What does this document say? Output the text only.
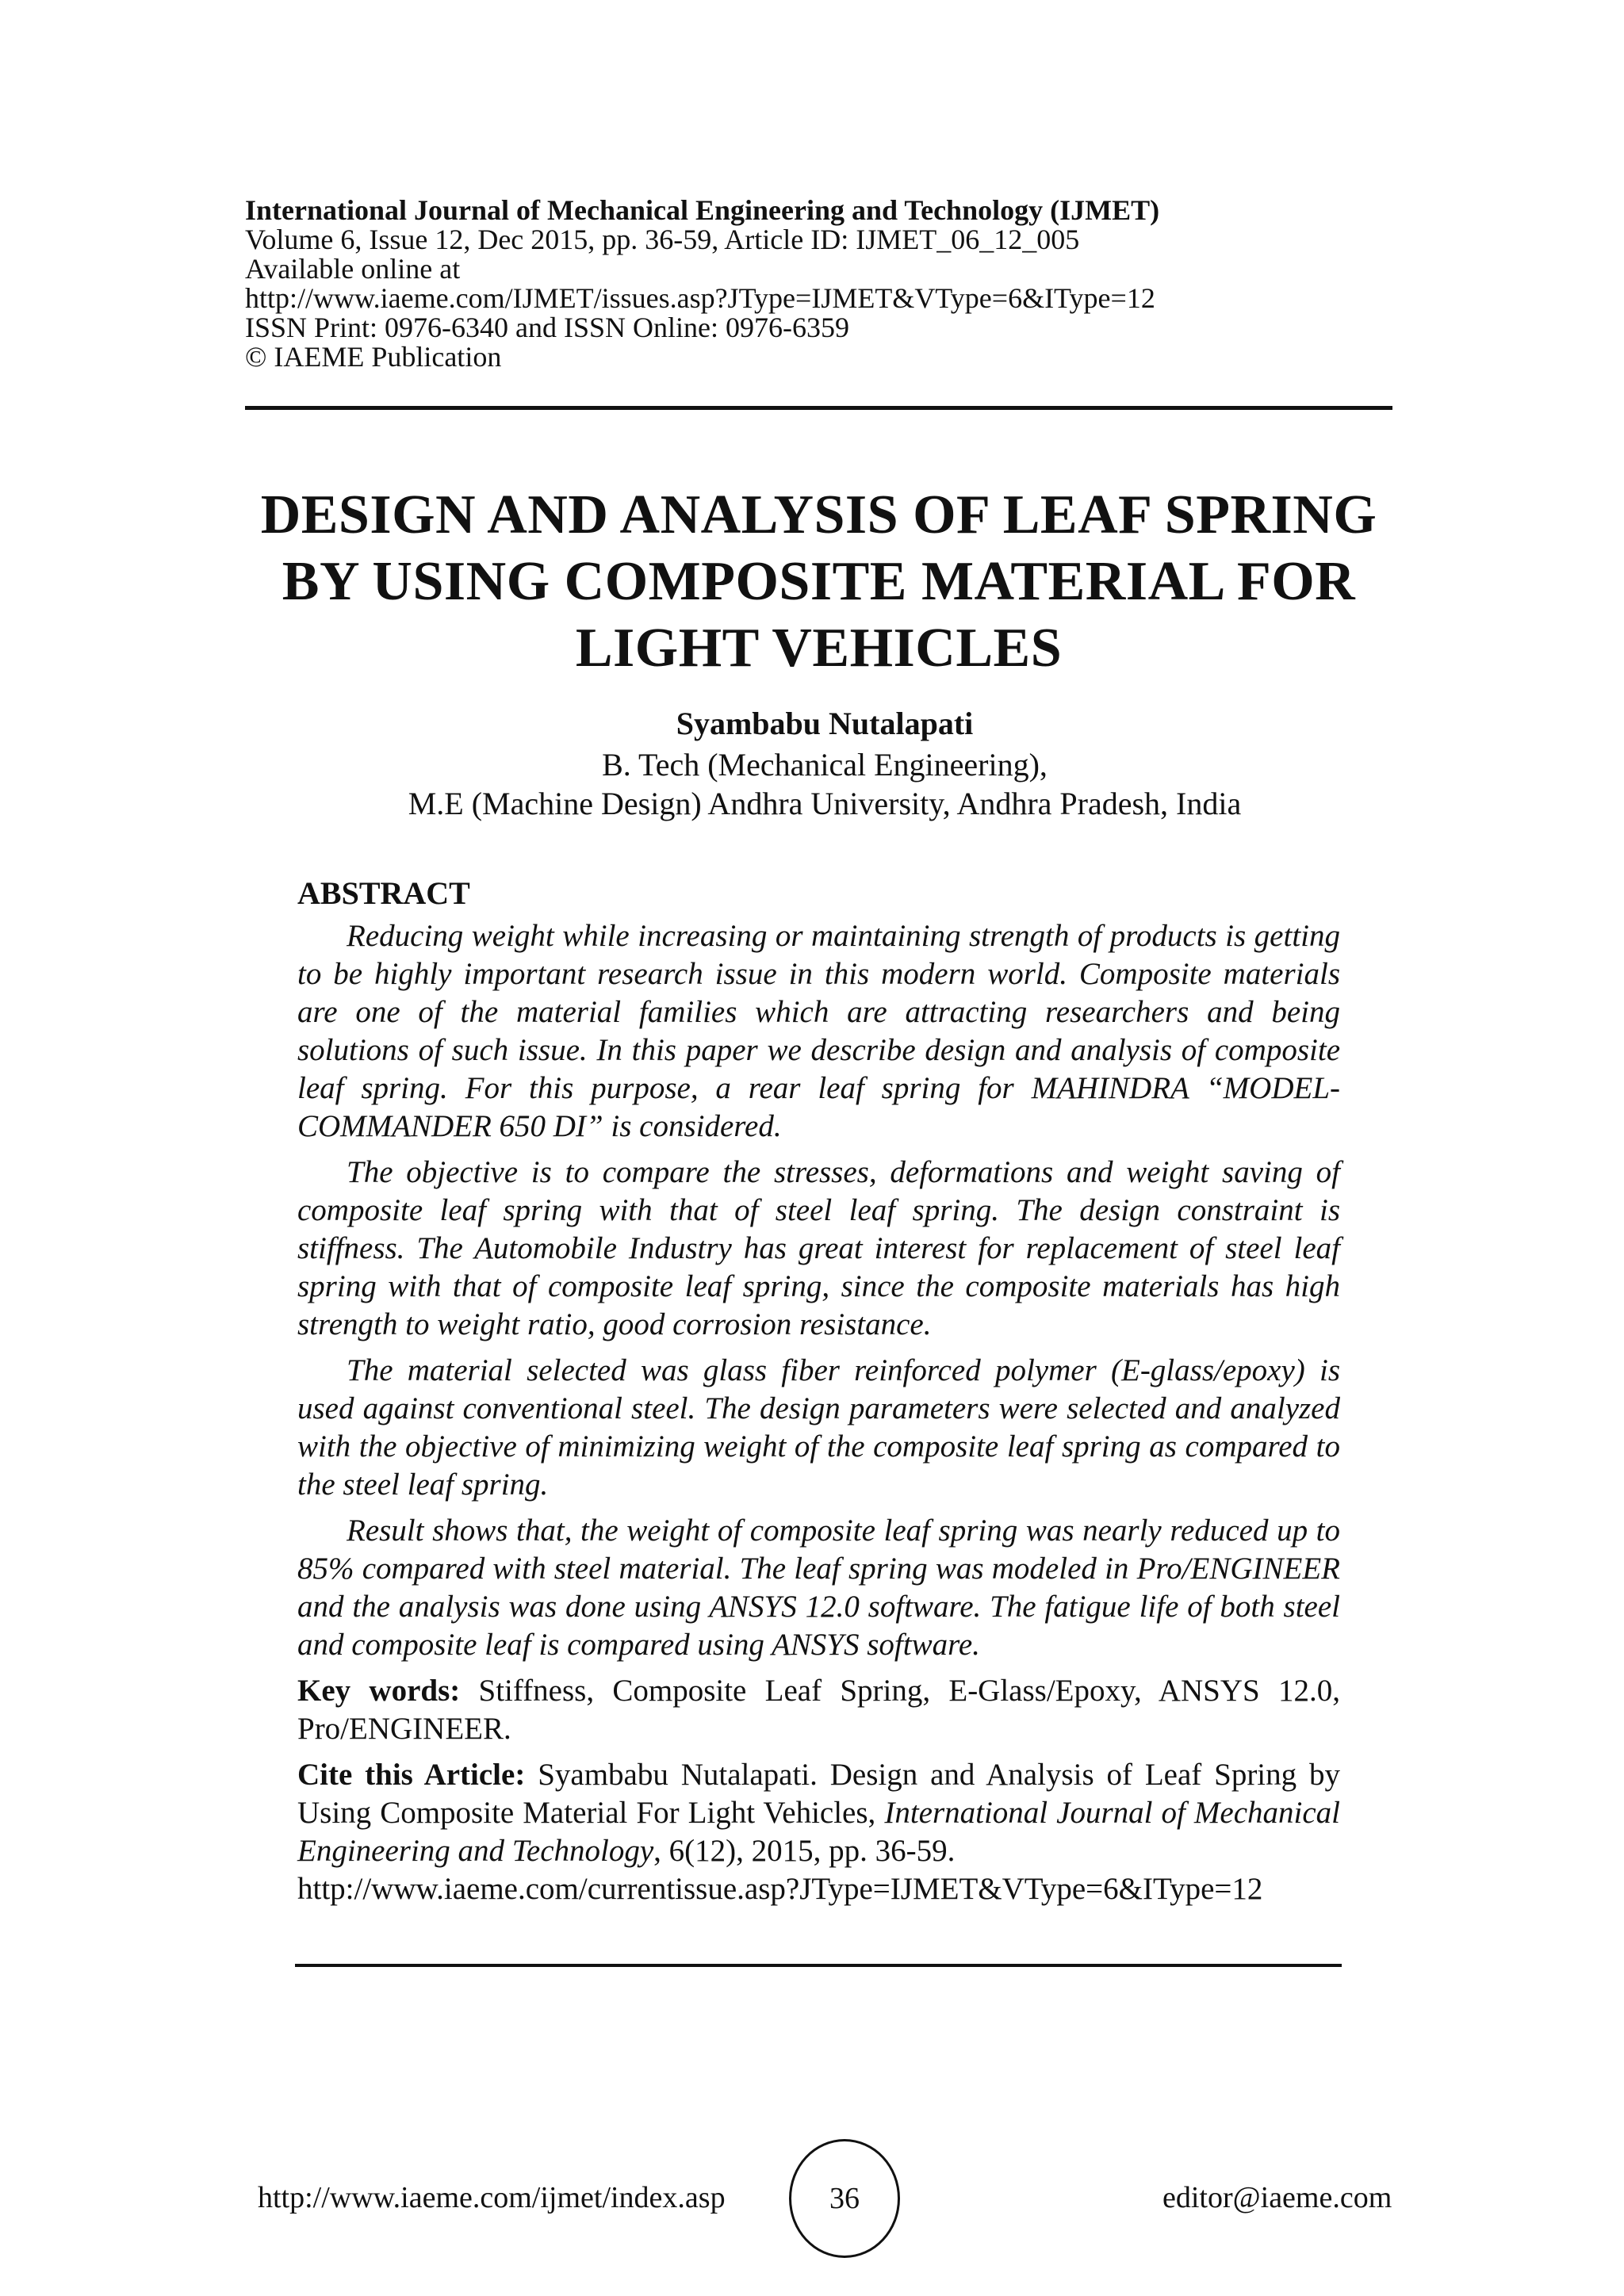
International Journal of Mechanical Engineering and Technology (IJMET)
Volume 6, Issue 12, Dec 2015, pp. 36-59, Article ID: IJMET_06_12_005
Available online at
http://www.iaeme.com/IJMET/issues.asp?JType=IJMET&VType=6&IType=12
ISSN Print: 0976-6340 and ISSN Online: 0976-6359
© IAEME Publication
DESIGN AND ANALYSIS OF LEAF SPRING
BY USING COMPOSITE MATERIAL FOR
LIGHT VEHICLES
Syambabu Nutalapati
B. Tech (Mechanical Engineering),
M.E (Machine Design) Andhra University, Andhra Pradesh, India
ABSTRACT

Reducing weight while increasing or maintaining strength of products is getting to be highly important research issue in this modern world. Composite materials are one of the material families which are attracting researchers and being solutions of such issue. In this paper we describe design and analysis of composite leaf spring. For this purpose, a rear leaf spring for MAHINDRA “MODEL-COMMANDER 650 DI” is considered.

The objective is to compare the stresses, deformations and weight saving of composite leaf spring with that of steel leaf spring. The design constraint is stiffness. The Automobile Industry has great interest for replacement of steel leaf spring with that of composite leaf spring, since the composite materials has high strength to weight ratio, good corrosion resistance.

The material selected was glass fiber reinforced polymer (E-glass/epoxy) is used against conventional steel. The design parameters were selected and analyzed with the objective of minimizing weight of the composite leaf spring as compared to the steel leaf spring.

Result shows that, the weight of composite leaf spring was nearly reduced up to 85% compared with steel material. The leaf spring was modeled in Pro/ENGINEER and the analysis was done using ANSYS 12.0 software. The fatigue life of both steel and composite leaf is compared using ANSYS software.

Key words: Stiffness, Composite Leaf Spring, E-Glass/Epoxy, ANSYS 12.0, Pro/ENGINEER.
Cite this Article: Syambabu Nutalapati. Design and Analysis of Leaf Spring by Using Composite Material For Light Vehicles, International Journal of Mechanical Engineering and Technology, 6(12), 2015, pp. 36-59.
http://www.iaeme.com/currentissue.asp?JType=IJMET&VType=6&IType=12
http://www.iaeme.com/ijmet/index.asp	36	editor@iaeme.com
